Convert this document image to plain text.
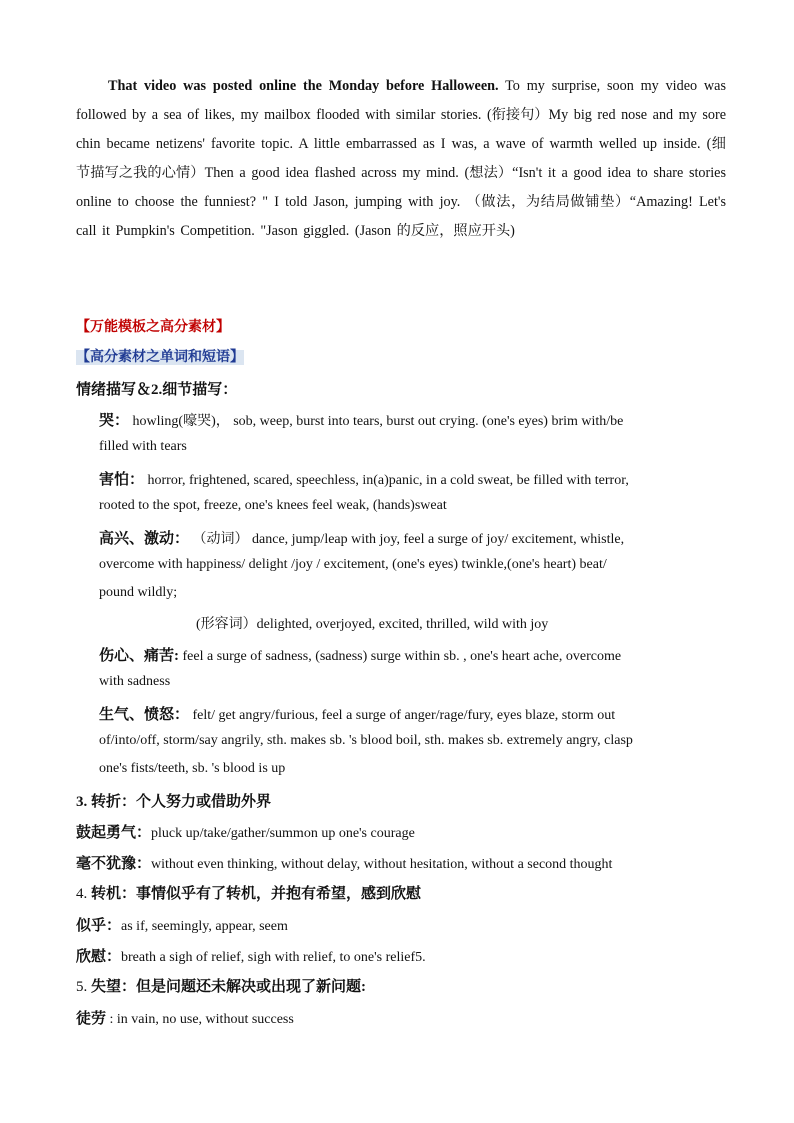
That video was posted online the Monday before Halloween. To my surprise, soon my video was followed by a sea of likes, my mailbox flooded with similar stories. (衔接句）My big red nose and my sore chin became netizens' favorite topic. A little embarrassed as I was, a wave of warmth welled up inside. (细节描写之我的心情）Then a good idea flashed across my mind. (想法）“Isn't it a good idea to share stories online to choose the funniest? " I told Jason, jumping with joy. （做法，为结局做铺垫）“Amazing! Let's call it Pumpkin's Competition. "Jason giggled. (Jason 的反应，照应开头)
【万能模板之高分素材】
【高分素材之单词和短语】
情绪描写＆2.细节描写：
哭： howling(嚎哭)， sob, weep, burst into tears, burst out crying. (one's eyes) brim with/be
filled with tears
害怕： horror, frightened, scared, speechless, in(a)panic, in a cold sweat, be filled with terror,
rooted to the spot, freeze, one's knees feel weak, (hands)sweat
高兴、激动： （动词） dance, jump/leap with joy, feel a surge of joy/ excitement, whistle,
overcome with happiness/ delight /joy / excitement, (one's eyes) twinkle,(one's heart) beat/
pound wildly;
(形容词）delighted, overjoyed, excited, thrilled, wild with joy
伤心、痛苦: feel a surge of sadness, (sadness) surge within sb. , one's heart ache, overcome
with sadness
生气、愤怒： felt/ get angry/furious, feel a surge of anger/rage/fury, eyes blaze, storm out
of/into/off, storm/say angrily, sth. makes sb. 's blood boil, sth. makes sb. extremely angry, clasp
one's fists/teeth, sb. 's blood is up
3. 转折：个人努力或借助外界
鼓起勇气：pluck up/take/gather/summon up one's courage
毫不犹豫：without even thinking, without delay, without hesitation, without a second thought
4. 转机：事情似乎有了转机，并抱有希望，感到欣慰
似乎：as if, seemingly, appear, seem
欣慰：breath a sigh of relief, sigh with relief, to one's relief5.
5. 失望：但是问题还未解决或出现了新问题:
徒劳 : in vain, no use, without success
